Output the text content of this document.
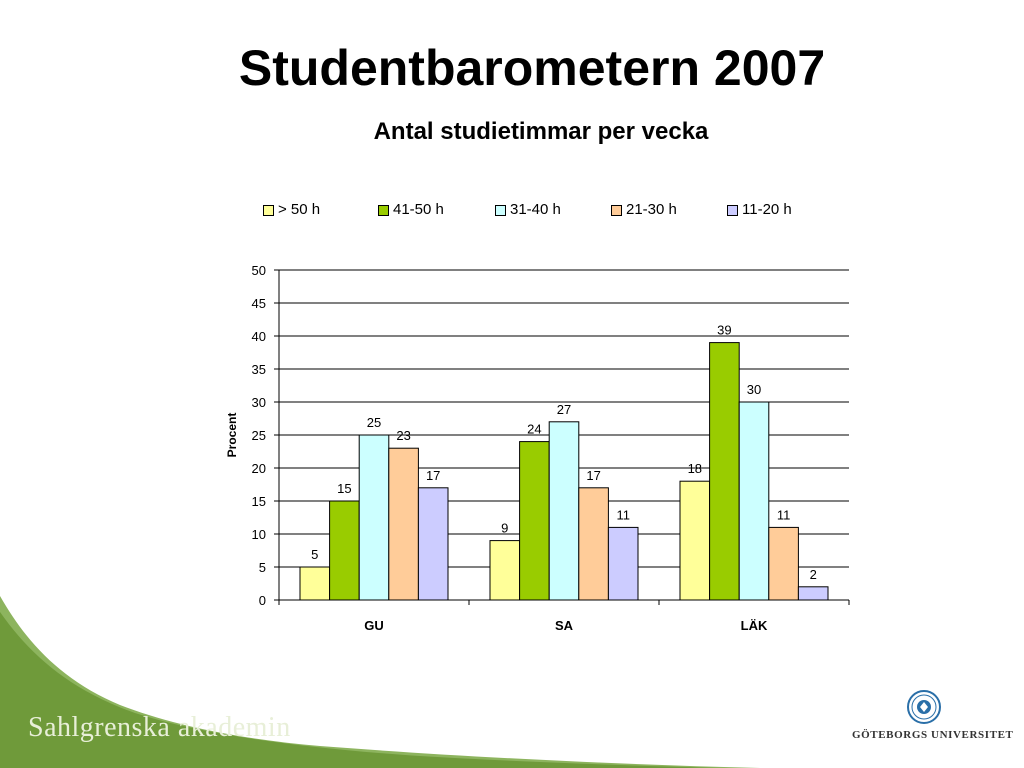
Studentbarometern 2007
Antal studietimmar per vecka
> 50 h	41-50 h	31-40 h	21-30 h	11-20 h
0
5
10
15
20
25
30
35
40
45
50
Procent
5
15
25
23
17
GU
9
24
27
17
11
SA
18
39
30
11
2
LÄK
Sahlgrenska akademin	GÖTEBORGS UNIVERSITET
